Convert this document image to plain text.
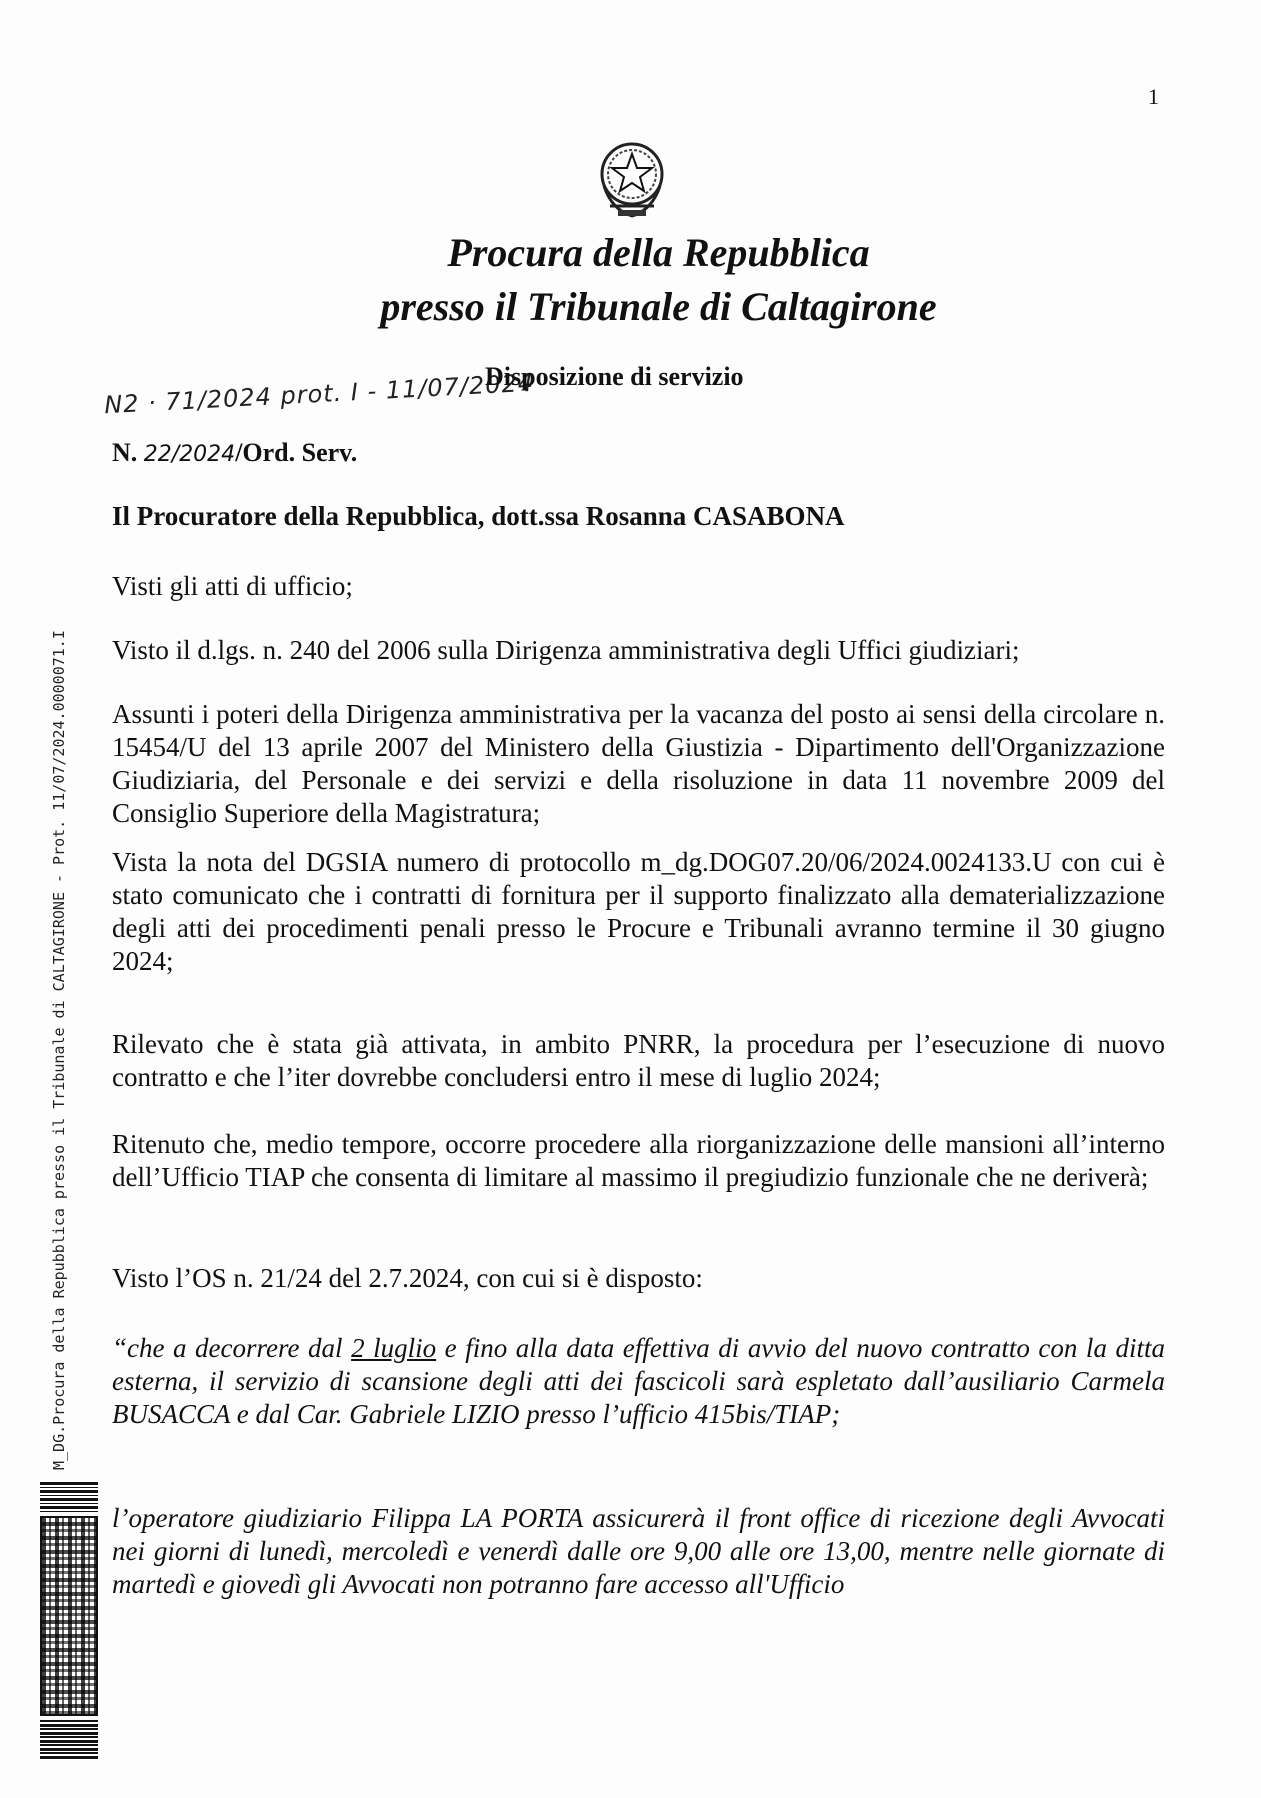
1
Procura della Repubblica
presso il Tribunale di Caltagirone
N2 · 71/2024 prot. I - 11/07/2024
Disposizione di servizio
N. 22/2024/Ord. Serv.
Il Procuratore della Repubblica, dott.ssa Rosanna CASABONA
Visti gli atti di ufficio;
Visto il d.lgs. n. 240 del 2006 sulla Dirigenza amministrativa degli Uffici giudiziari;
Assunti i poteri della Dirigenza amministrativa per la vacanza del posto ai sensi della circolare n. 15454/U del 13 aprile 2007 del Ministero della Giustizia - Dipartimento dell'Organizzazione Giudiziaria, del Personale e dei servizi e della risoluzione in data 11 novembre 2009 del Consiglio Superiore della Magistratura;
Vista la nota del DGSIA numero di protocollo m_dg.DOG07.20/06/2024.0024133.U con cui è stato comunicato che i contratti di fornitura per il supporto finalizzato alla dematerializzazione degli atti dei procedimenti penali presso le Procure e Tribunali avranno termine il 30 giugno 2024;
Rilevato che è stata già attivata, in ambito PNRR, la procedura per l’esecuzione di nuovo contratto e che l’iter dovrebbe concludersi entro il mese di luglio 2024;
Ritenuto che, medio tempore, occorre procedere alla riorganizzazione delle mansioni all’interno dell’Ufficio TIAP che consenta di limitare al massimo il pregiudizio funzionale che ne deriverà;
Visto l’OS n. 21/24 del 2.7.2024, con cui si è disposto:
“che a decorrere dal 2 luglio e fino alla data effettiva di avvio del nuovo contratto con la ditta esterna, il servizio di scansione degli atti dei fascicoli sarà espletato dall’ausiliario Carmela BUSACCA e dal Car. Gabriele LIZIO presso l’ufficio 415bis/TIAP;
l’operatore giudiziario Filippa LA PORTA assicurerà il front office di ricezione degli Avvocati nei giorni di lunedì, mercoledì e venerdì dalle ore 9,00 alle ore 13,00, mentre nelle giornate di martedì e giovedì gli Avvocati non potranno fare accesso all'Ufficio
M_DG.Procura della Repubblica presso il Tribunale di CALTAGIRONE - Prot. 11/07/2024.0000071.I
